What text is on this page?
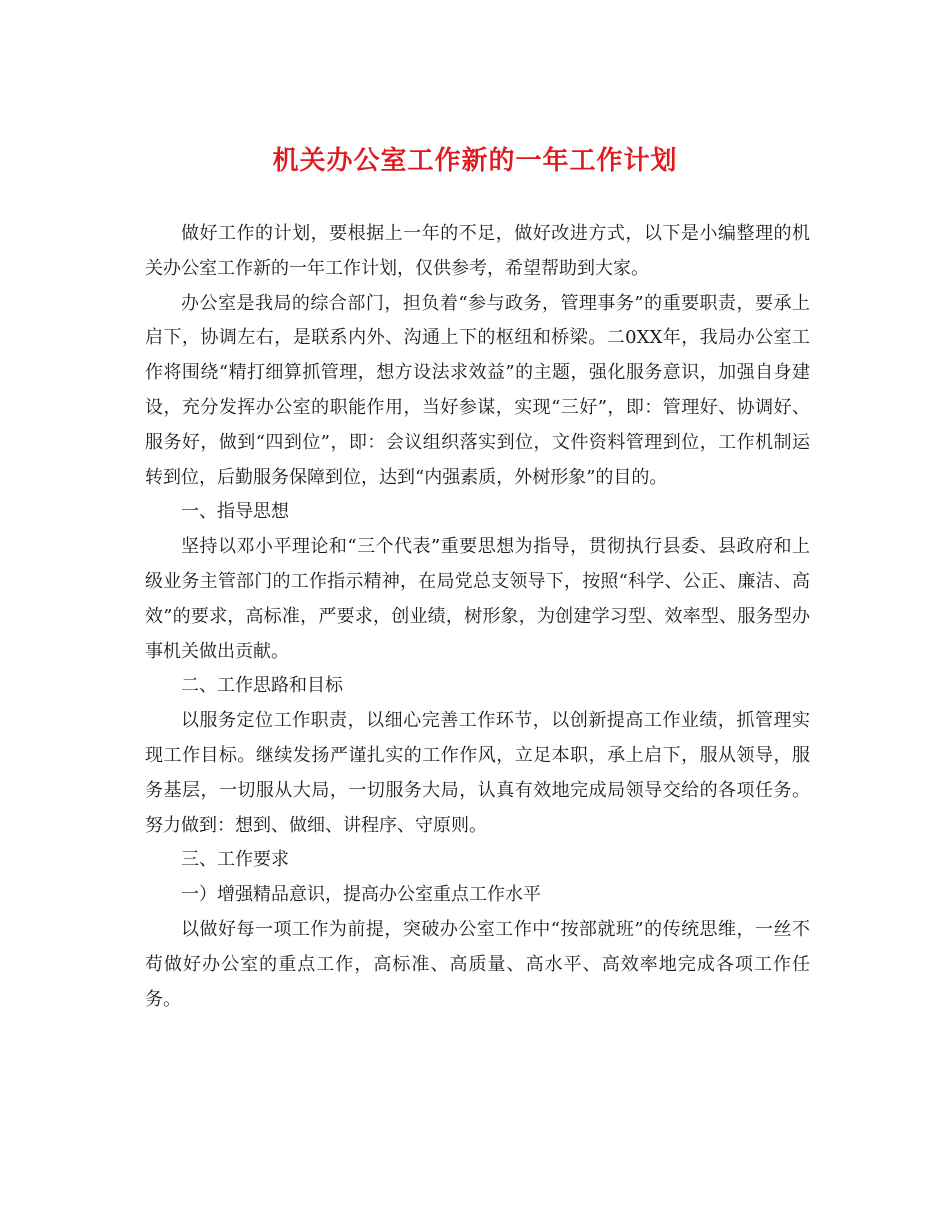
机关办公室工作新的一年工作计划

做好工作的计划，要根据上一年的不足，做好改进方式，以下是小编整理的机关办公室工作新的一年工作计划，仅供参考，希望帮助到大家。

办公室是我局的综合部门，担负着“参与政务，管理事务”的重要职责，要承上启下，协调左右，是联系内外、沟通上下的枢纽和桥梁。二0XX年，我局办公室工作将围绕“精打细算抓管理，想方设法求效益”的主题，强化服务意识，加强自身建设，充分发挥办公室的职能作用，当好参谋，实现“三好”，即：管理好、协调好、服务好，做到“四到位”，即：会议组织落实到位，文件资料管理到位，工作机制运转到位，后勤服务保障到位，达到“内强素质，外树形象”的目的。

一、指导思想

坚持以邓小平理论和“三个代表”重要思想为指导，贯彻执行县委、县政府和上级业务主管部门的工作指示精神，在局党总支领导下，按照“科学、公正、廉洁、高效”的要求，高标准，严要求，创业绩，树形象，为创建学习型、效率型、服务型办事机关做出贡献。

二、工作思路和目标

以服务定位工作职责，以细心完善工作环节，以创新提高工作业绩，抓管理实现工作目标。继续发扬严谨扎实的工作作风，立足本职，承上启下，服从领导，服务基层，一切服从大局，一切服务大局，认真有效地完成局领导交给的各项任务。努力做到：想到、做细、讲程序、守原则。

三、工作要求

一）增强精品意识，提高办公室重点工作水平

以做好每一项工作为前提，突破办公室工作中“按部就班”的传统思维，一丝不苟做好办公室的重点工作，高标准、高质量、高水平、高效率地完成各项工作任务。
